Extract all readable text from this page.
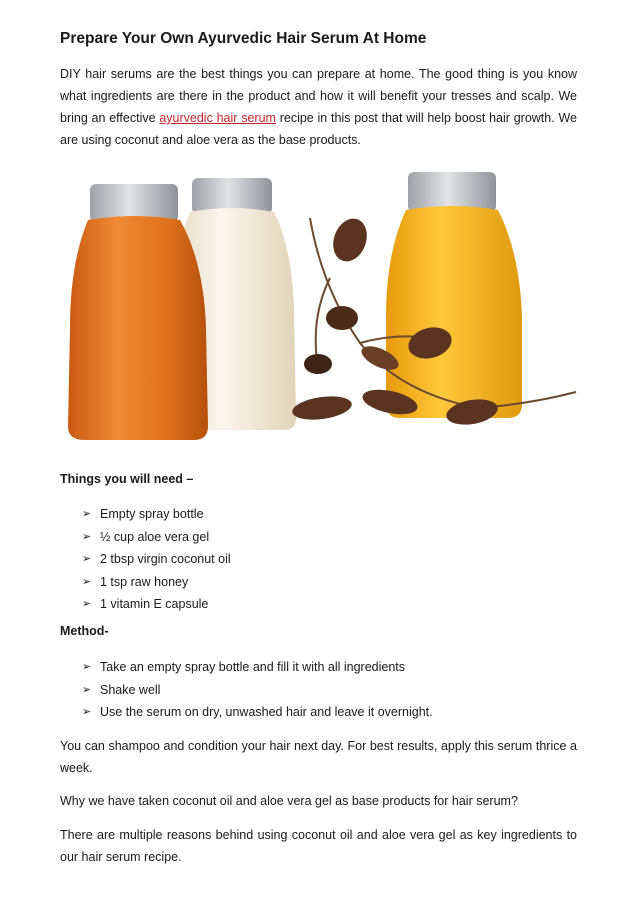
Prepare Your Own Ayurvedic Hair Serum At Home

DIY hair serums are the best things you can prepare at home. The good thing is you know what ingredients are there in the product and how it will benefit your tresses and scalp. We bring an effective ayurvedic hair serum recipe in this post that will help boost hair growth. We are using coconut and aloe vera as the base products.

Things you will need –
➢ Empty spray bottle
➢ ½ cup aloe vera gel
➢ 2 tbsp virgin coconut oil
➢ 1 tsp raw honey
➢ 1 vitamin E capsule
Method-
➢ Take an empty spray bottle and fill it with all ingredients
➢ Shake well
➢ Use the serum on dry, unwashed hair and leave it overnight.

You can shampoo and condition your hair next day. For best results, apply this serum thrice a week.

Why we have taken coconut oil and aloe vera gel as base products for hair serum?

There are multiple reasons behind using coconut oil and aloe vera gel as key ingredients to our hair serum recipe.
